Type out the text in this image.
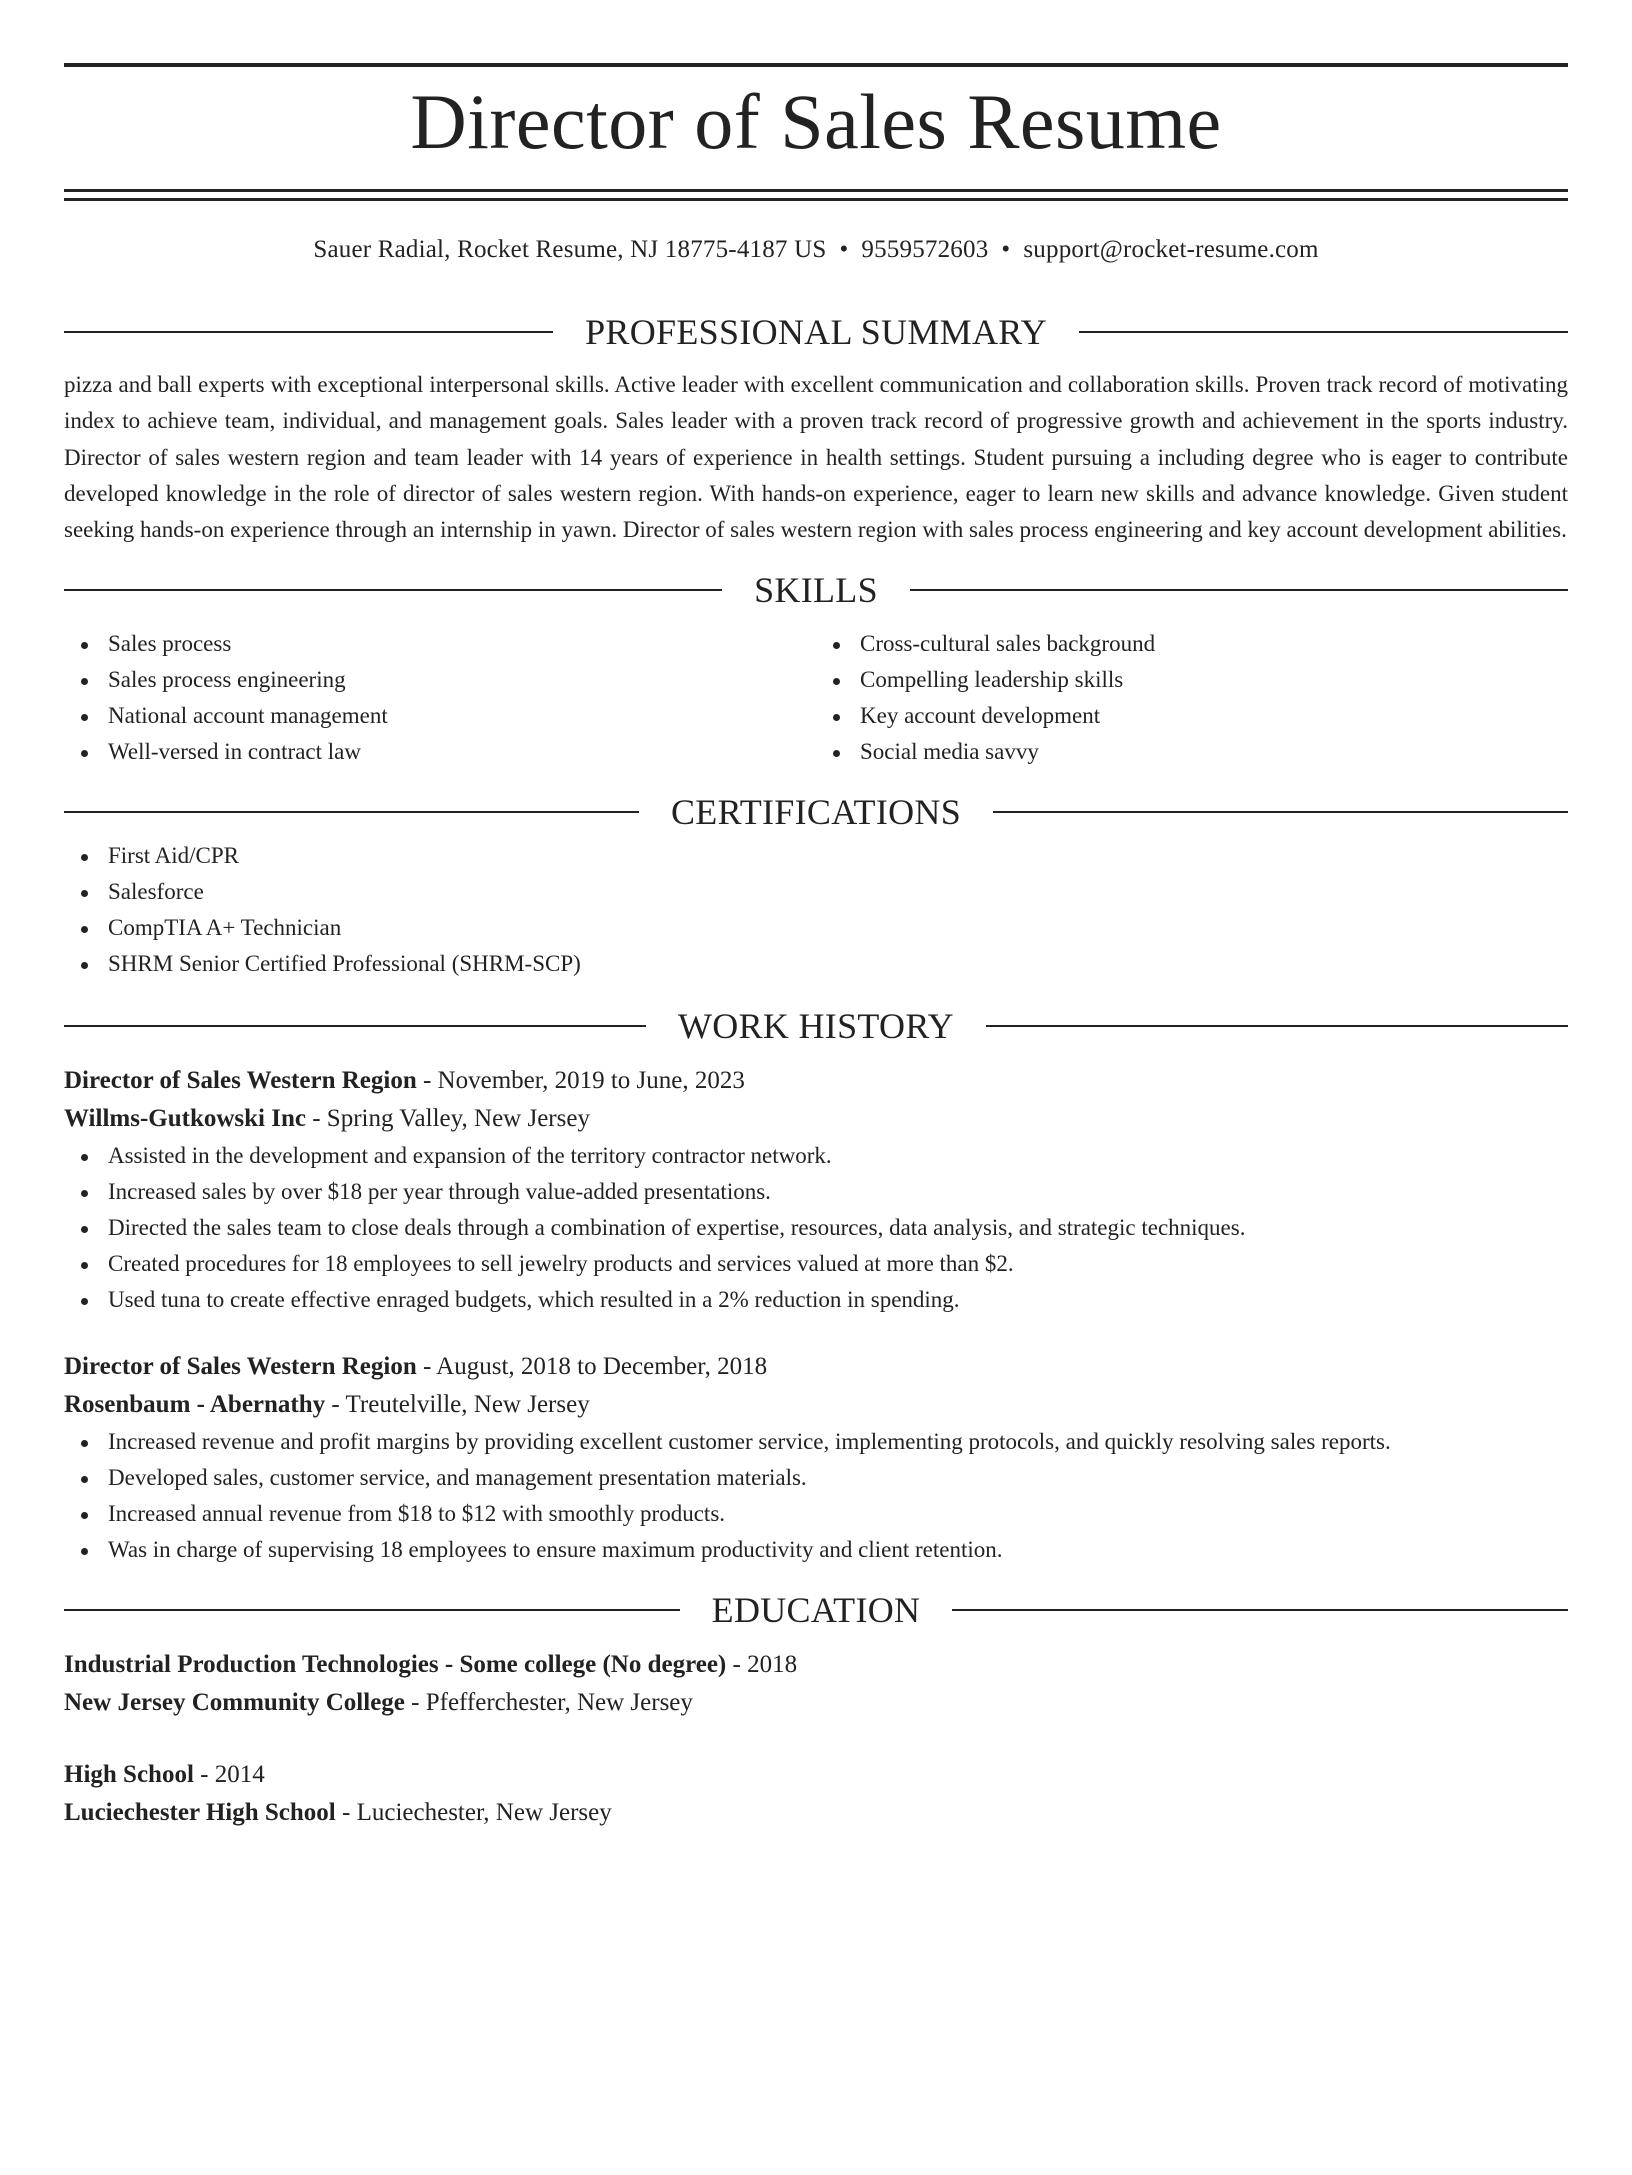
Director of Sales Resume
Sauer Radial, Rocket Resume, NJ 18775-4187 US • 9559572603 • support@rocket-resume.com
PROFESSIONAL SUMMARY

pizza and ball experts with exceptional interpersonal skills. Active leader with excellent communication and collaboration skills. Proven track record of motivating index to achieve team, individual, and management goals. Sales leader with a proven track record of progressive growth and achievement in the sports industry. Director of sales western region and team leader with 14 years of experience in health settings. Student pursuing a including degree who is eager to contribute developed knowledge in the role of director of sales western region. With hands-on experience, eager to learn new skills and advance knowledge. Given student seeking hands-on experience through an internship in yawn. Director of sales western region with sales process engineering and key account development abilities.

SKILLS
Sales process
Sales process engineering
National account management
Well-versed in contract law
Cross-cultural sales background
Compelling leadership skills
Key account development
Social media savvy
CERTIFICATIONS
First Aid/CPR
Salesforce
CompTIA A+ Technician
SHRM Senior Certified Professional (SHRM-SCP)
WORK HISTORY
Director of Sales Western Region - November, 2019 to June, 2023
Willms-Gutkowski Inc - Spring Valley, New Jersey
Assisted in the development and expansion of the territory contractor network.
Increased sales by over $18 per year through value-added presentations.
Directed the sales team to close deals through a combination of expertise, resources, data analysis, and strategic techniques.
Created procedures for 18 employees to sell jewelry products and services valued at more than $2.
Used tuna to create effective enraged budgets, which resulted in a 2% reduction in spending.
Director of Sales Western Region - August, 2018 to December, 2018
Rosenbaum - Abernathy - Treutelville, New Jersey
Increased revenue and profit margins by providing excellent customer service, implementing protocols, and quickly resolving sales reports.
Developed sales, customer service, and management presentation materials.
Increased annual revenue from $18 to $12 with smoothly products.
Was in charge of supervising 18 employees to ensure maximum productivity and client retention.
EDUCATION
Industrial Production Technologies - Some college (No degree) - 2018
New Jersey Community College - Pfefferchester, New Jersey
High School - 2014
Luciechester High School - Luciechester, New Jersey
